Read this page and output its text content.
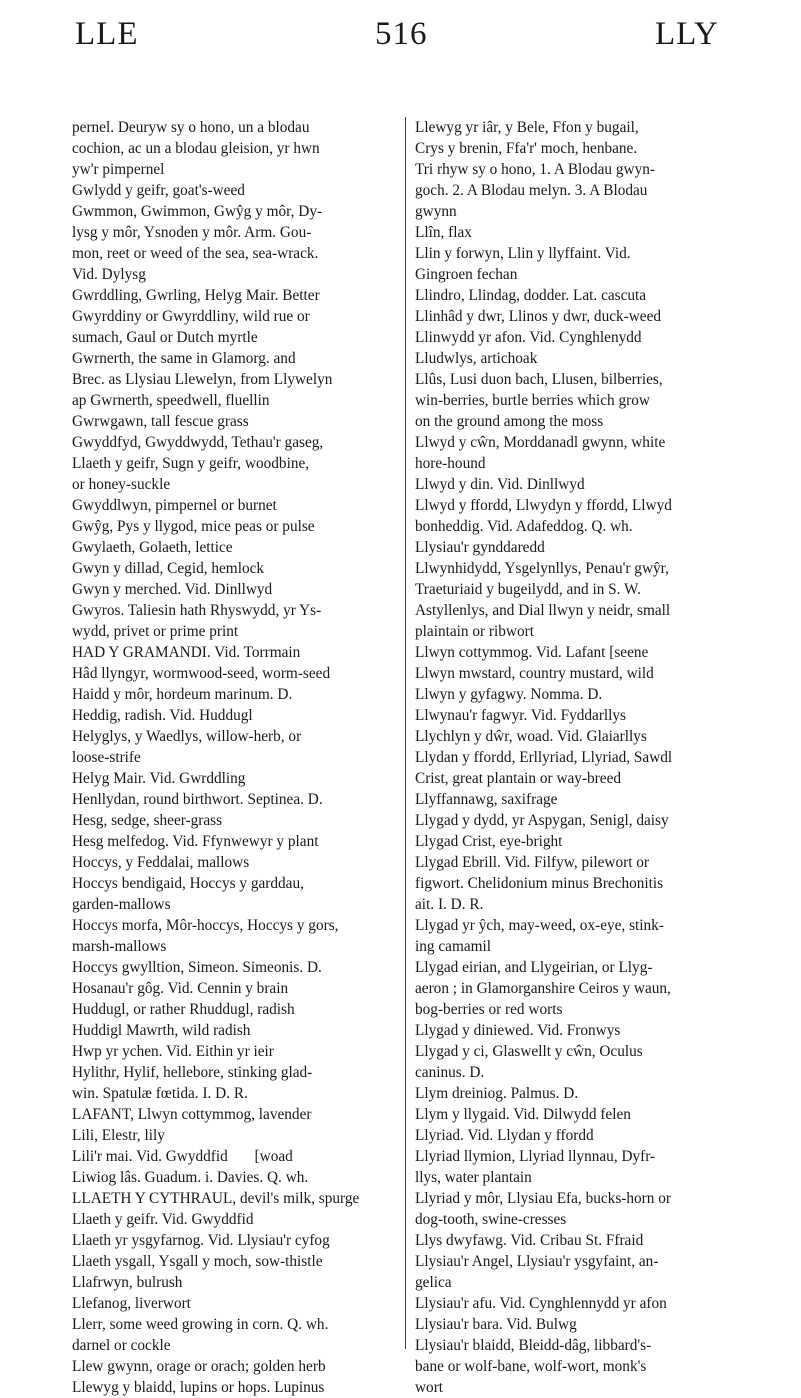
LLE	516	LLY
pernel. Deuryw sy o hono, un a blodau
cochion, ac un a blodau gleision, yr hwn
yw'r pimpernel
Gwlydd y geifr, goat's-weed
Gwmmon, Gwimmon, Gwŷg y môr, Dy-
lysg y môr, Ysnoden y môr. Arm. Gou-
mon, reet or weed of the sea, sea-wrack.
Vid. Dylysg
Gwrddling, Gwrling, Helyg Mair. Better
Gwyrddiny or Gwyrddliny, wild rue or
sumach, Gaul or Dutch myrtle
Gwrnerth, the same in Glamorg. and
Brec. as Llysiau Llewelyn, from Llywelyn
ap Gwrnerth, speedwell, fluellin
Gwrwgawn, tall fescue grass
Gwyddfyd, Gwyddwydd, Tethau'r gaseg,
Llaeth y geifr, Sugn y geifr, woodbine,
or honey-suckle
Gwyddlwyn, pimpernel or burnet
Gwŷg, Pys y llygod, mice peas or pulse
Gwylaeth, Golaeth, lettice
Gwyn y dillad, Cegid, hemlock
Gwyn y merched. Vid. Dinllwyd
Gwyros. Taliesin hath Rhyswydd, yr Ys-
wydd, privet or prime print
HAD Y GRAMANDI. Vid. Torrmain
Hâd llyngyr, wormwood-seed, worm-seed
Haidd y môr, hordeum marinum. D.
Heddig, radish. Vid. Huddugl
Helyglys, y Waedlys, willow-herb, or
loose-strife
Helyg Mair. Vid. Gwrddling
Henllydan, round birthwort. Septinea. D.
Hesg, sedge, sheer-grass
Hesg melfedog. Vid. Ffynwewyr y plant
Hoccys, y Feddalai, mallows
Hoccys bendigaid, Hoccys y garddau,
garden-mallows
Hoccys morfa, Môr-hoccys, Hoccys y gors,
marsh-mallows
Hoccys gwylltion, Simeon. Simeonis. D.
Hosanau'r gôg. Vid. Cennin y brain
Huddugl, or rather Rhuddugl, radish
Huddigl Mawrth, wild radish
Hwp yr ychen. Vid. Eithin yr ieir
Hylithr, Hylif, hellebore, stinking glad-
win. Spatulæ fœtida. I. D. R.
LAFANT, Llwyn cottymmog, lavender
Lili, Elestr, lily
Lili'r mai. Vid. Gwyddfid       [woad
Liwiog lâs. Guadum. i. Davies. Q. wh.
LLAETH Y CYTHRAUL, devil's milk, spurge
Llaeth y geifr. Vid. Gwyddfid
Llaeth yr ysgyfarnog. Vid. Llysiau'r cyfog
Llaeth ysgall, Ysgall y moch, sow-thistle
Llafrwyn, bulrush
Llefanog, liverwort
Llerr, some weed growing in corn. Q. wh.
darnel or cockle
Llew gwynn, orage or orach; golden herb
Llewyg y blaidd, lupins or hops. Lupinus
Llewyg yr iâr, y Bele, Ffon y bugail,
Crys y brenin, Ffa'r' moch, henbane.
Tri rhyw sy o hono, 1. A Blodau gwyn-
goch. 2. A Blodau melyn. 3. A Blodau
gwynn
Llîn, flax
Llin y forwyn, Llin y llyffaint. Vid.
Gingroen fechan
Llindro, Llindag, dodder. Lat. cascuta
Llinhâd y dwr, Llinos y dwr, duck-weed
Llinwydd yr afon. Vid. Cynghlenydd
Lludwlys, artichoak
Llûs, Lusi duon bach, Llusen, bilberries,
win-berries, burtle berries which grow
on the ground among the moss
Llwyd y cŵn, Morddanadl gwynn, white
hore-hound
Llwyd y din. Vid. Dinllwyd
Llwyd y ffordd, Llwydyn y ffordd, Llwyd
bonheddig. Vid. Adafeddog. Q. wh.
Llysiau'r gynddaredd
Llwynhidydd, Ysgelynllys, Penau'r gwŷr,
Traeturiaid y bugeilydd, and in S. W.
Astyllenlys, and Dial llwyn y neidr, small
plaintain or ribwort
Llwyn cottymmog. Vid. Lafant [seene
Llwyn mwstard, country mustard, wild
Llwyn y gyfagwy. Nomma. D.
Llwynau'r fagwyr. Vid. Fyddarllys
Llychlyn y dŵr, woad. Vid. Glaiarllys
Llydan y ffordd, Erllyriad, Llyriad, Sawdl
Crist, great plantain or way-breed
Llyffannawg, saxifrage
Llygad y dydd, yr Aspygan, Senigl, daisy
Llygad Crist, eye-bright
Llygad Ebrill. Vid. Filfyw, pilewort or
figwort. Chelidonium minus Brechonitis
ait. I. D. R.
Llygad yr ŷch, may-weed, ox-eye, stink-
ing camamil
Llygad eirian, and Llygeirian, or Llyg-
aeron ; in Glamorganshire Ceiros y waun,
bog-berries or red worts
Llygad y diniewed. Vid. Fronwys
Llygad y ci, Glaswellt y cŵn, Oculus
caninus. D.
Llym dreiniog. Palmus. D.
Llym y llygaid. Vid. Dilwydd felen
Llyriad. Vid. Llydan y ffordd
Llyriad llymion, Llyriad llynnau, Dyfr-
llys, water plantain
Llyriad y môr, Llysiau Efa, bucks-horn or
dog-tooth, swine-cresses
Llys dwyfawg. Vid. Cribau St. Ffraid
Llysiau'r Angel, Llysiau'r ysgyfaint, an-
gelica
Llysiau'r afu. Vid. Cynghlennydd yr afon
Llysiau'r bara. Vid. Bulwg
Llysiau'r blaidd, Bleidd-dâg, libbard's-
bane or wolf-bane, wolf-wort, monk's
wort
